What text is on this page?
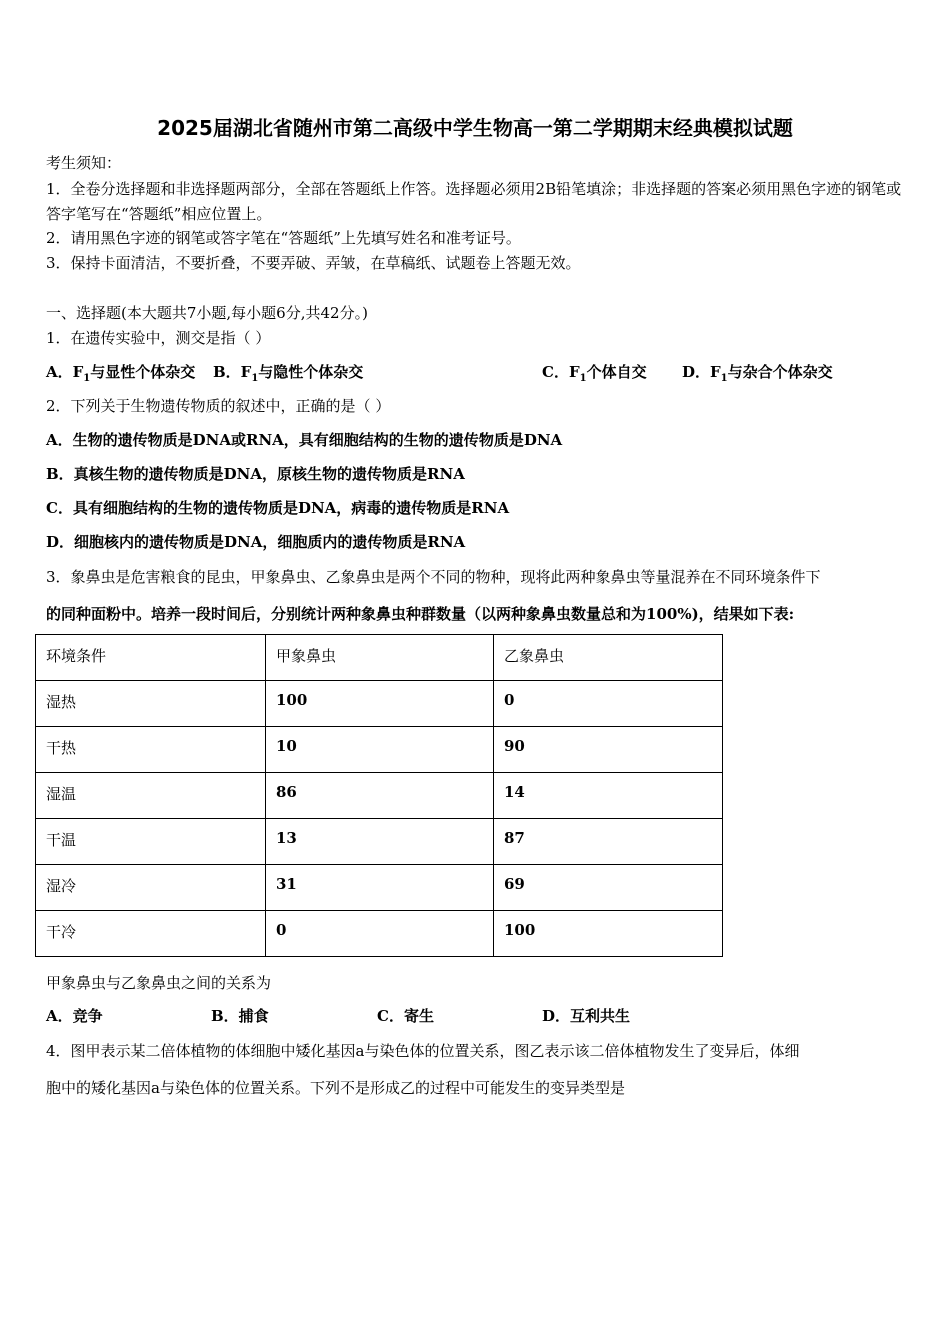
2025届湖北省随州市第二高级中学生物高一第二学期期末经典模拟试题
考生须知：
1．全卷分选择题和非选择题两部分，全部在答题纸上作答。选择题必须用2B铅笔填涂；非选择题的答案必须用黑色字迹的钢笔或答字笔写在“答题纸”相应位置上。
2．请用黑色字迹的钢笔或答字笔在“答题纸”上先填写姓名和准考证号。
3．保持卡面清洁，不要折叠，不要弄破、弄皱，在草稿纸、试题卷上答题无效。
一、选择题(本大题共7小题,每小题6分,共42分。)
1．在遗传实验中，测交是指（ ）
A．$F_1$与显性个体杂交 B．$F_1$与隐性个体杂交	C．$F_1$个体自交 D．$F_1$与杂合个体杂交
2．下列关于生物遗传物质的叙述中，正确的是（ ）
A．生物的遗传物质是DNA或RNA，具有细胞结构的生物的遗传物质是DNA
B．真核生物的遗传物质是DNA，原核生物的遗传物质是RNA
C．具有细胞结构的生物的遗传物质是DNA，病毒的遗传物质是RNA
D．细胞核内的遗传物质是DNA，细胞质内的遗传物质是RNA
3．象鼻虫是危害粮食的昆虫，甲象鼻虫、乙象鼻虫是两个不同的物种，现将此两种象鼻虫等量混养在不同环境条件下
的同种面粉中。培养一段时间后，分别统计两种象鼻虫种群数量（以两种象鼻虫数量总和为100%)，结果如下表:
环境条件	甲象鼻虫	乙象鼻虫
湿热	100	0
干热	10	90
湿温	86	14
干温	13	87
湿冷	31	69
干冷	0	100
甲象鼻虫与乙象鼻虫之间的关系为
A．竞争	B．捕食	C．寄生	D．互利共生
4．图甲表示某二倍体植物的体细胞中矮化基因a与染色体的位置关系，图乙表示该二倍体植物发生了变异后，体细
胞中的矮化基因a与染色体的位置关系。下列不是形成乙的过程中可能发生的变异类型是
